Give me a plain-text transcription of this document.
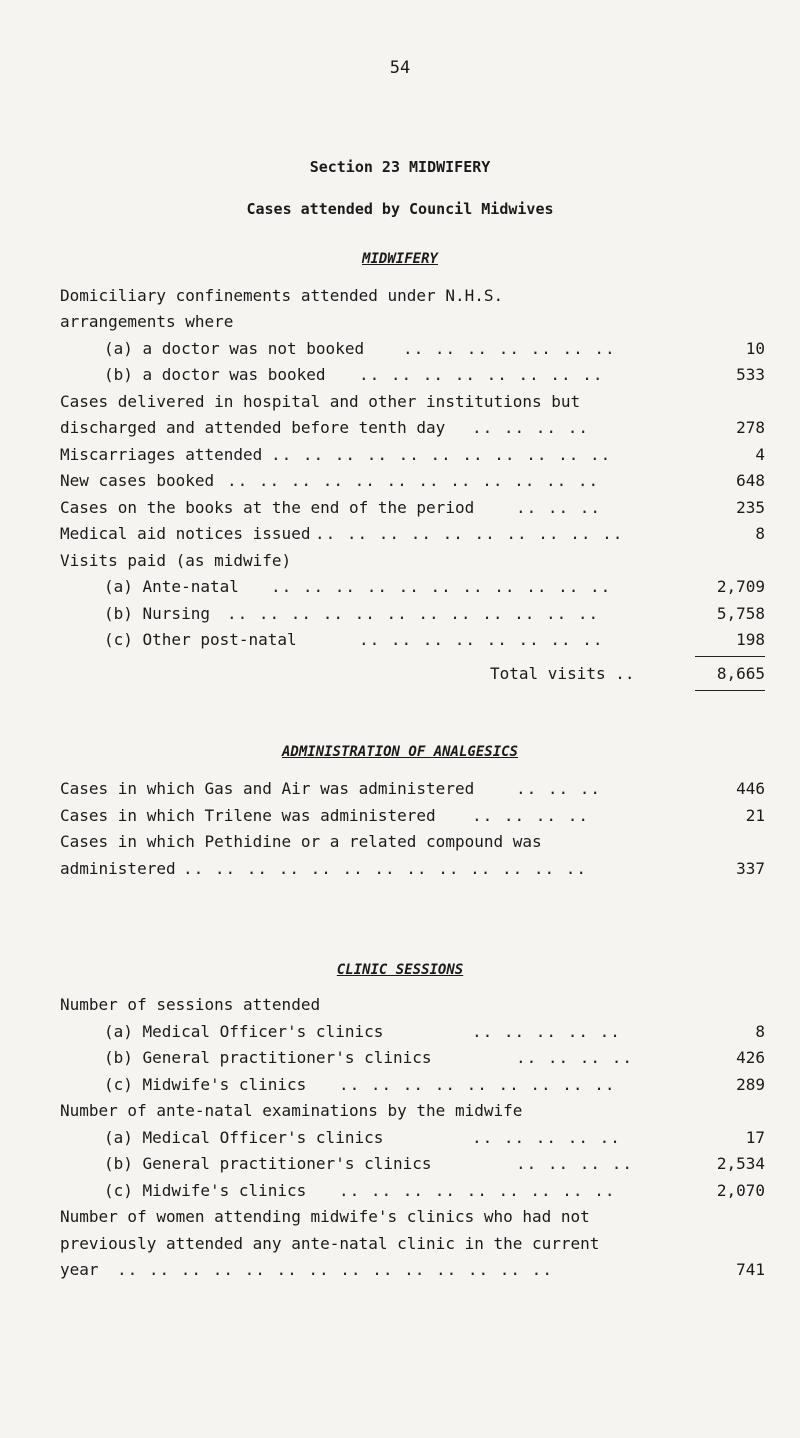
54
Section 23 MIDWIFERY
Cases attended by Council Midwives
MIDWIFERY
Domiciliary confinements attended under N.H.S.
arrangements where
(a) a doctor was not booked .. .. .. .. .. .. ..	10
(b) a doctor was booked .. .. .. .. .. .. .. ..	533
Cases delivered in hospital and other institutions but
discharged and attended before tenth day .. .. .. ..	278
Miscarriages attended .. .. .. .. .. .. .. .. .. .. ..	4
New cases booked .. .. .. .. .. .. .. .. .. .. .. ..	648
Cases on the books at the end of the period	.. .. ..	235
Medical aid notices issued .. .. .. .. .. .. .. .. .. ..	8
Visits paid (as midwife)
(a) Ante-natal .. .. .. .. .. .. .. .. .. .. ..	2,709
(b) Nursing .. .. .. .. .. .. .. .. .. .. .. ..	5,758
(c) Other post-natal	.. .. .. .. .. .. .. ..	198
Total visits ..	8,665
ADMINISTRATION OF ANALGESICS
Cases in which Gas and Air was administered	.. .. ..	446
Cases in which Trilene was administered .. .. .. ..	21
Cases in which Pethidine or a related compound was
administered .. .. .. .. .. .. .. .. .. .. .. .. ..	337
CLINIC SESSIONS
Number of sessions attended
(a) Medical Officer's clinics	.. .. .. .. ..	8
(b) General practitioner's clinics	.. .. .. ..	426
(c) Midwife's clinics .. .. .. .. .. .. .. .. ..	289
Number of ante-natal examinations by the midwife
(a) Medical Officer's clinics	.. .. .. .. ..	17
(b) General practitioner's clinics	.. .. .. ..	2,534
(c) Midwife's clinics .. .. .. .. .. .. .. .. ..	2,070
Number of women attending midwife's clinics who had not
previously attended any ante-natal clinic in the current
year .. .. .. .. .. .. .. .. .. .. .. .. .. ..	741
